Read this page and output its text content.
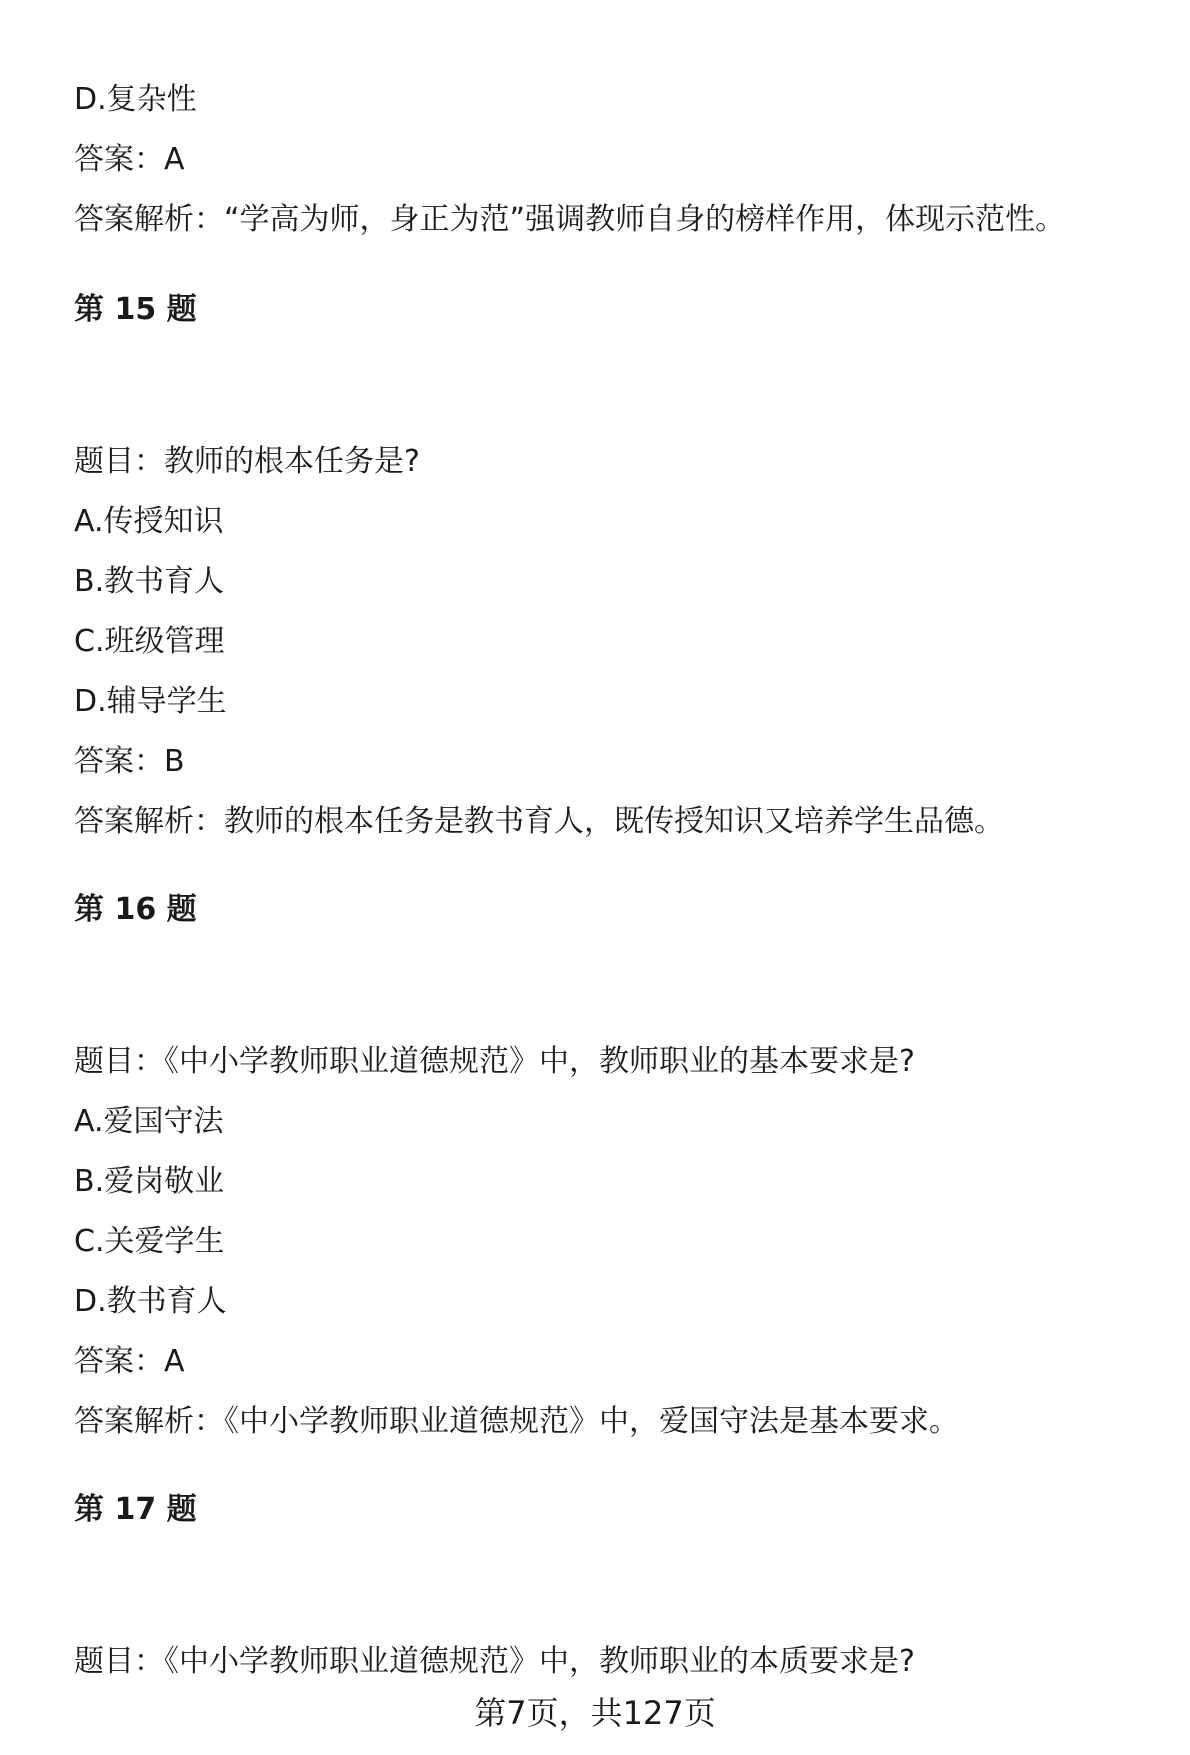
D.复杂性
答案：A
答案解析：“学高为师，身正为范”强调教师自身的榜样作用，体现示范性。
第 15 题
题目：教师的根本任务是?
A.传授知识
B.教书育人
C.班级管理
D.辅导学生
答案：B
答案解析：教师的根本任务是教书育人，既传授知识又培养学生品德。
第 16 题
题目：《中小学教师职业道德规范》中，教师职业的基本要求是?
A.爱国守法
B.爱岗敬业
C.关爱学生
D.教书育人
答案：A
答案解析：《中小学教师职业道德规范》中，爱国守法是基本要求。
第 17 题
题目：《中小学教师职业道德规范》中，教师职业的本质要求是?
第7页，共127页
